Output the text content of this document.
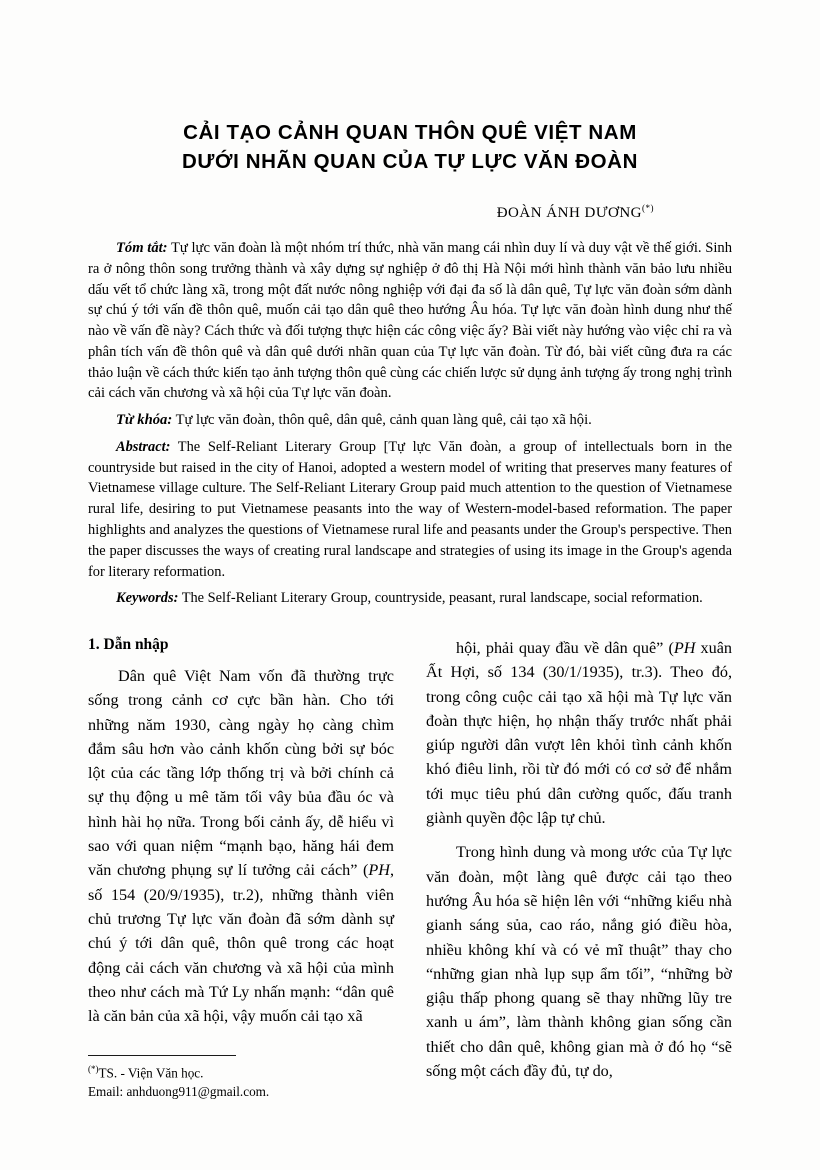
CẢI TẠO CẢNH QUAN THÔN QUÊ VIỆT NAM
DƯỚI NHÃN QUAN CỦA TỰ LỰC VĂN ĐOÀN
ĐOÀN ÁNH DƯƠNG(*)

Tóm tắt: Tự lực văn đoàn là một nhóm trí thức, nhà văn mang cái nhìn duy lí và duy vật về thế giới. Sinh ra ở nông thôn song trưởng thành và xây dựng sự nghiệp ở đô thị Hà Nội mới hình thành văn bảo lưu nhiều dấu vết tổ chức làng xã, trong một đất nước nông nghiệp với đại đa số là dân quê, Tự lực văn đoàn sớm dành sự chú ý tới vấn đề thôn quê, muốn cải tạo dân quê theo hướng Âu hóa. Tự lực văn đoàn hình dung như thế nào về vấn đề này? Cách thức và đối tượng thực hiện các công việc ấy? Bài viết này hướng vào việc chỉ ra và phân tích vấn đề thôn quê và dân quê dưới nhãn quan của Tự lực văn đoàn. Từ đó, bài viết cũng đưa ra các thảo luận về cách thức kiến tạo ảnh tượng thôn quê cùng các chiến lược sử dụng ảnh tượng ấy trong nghị trình cải cách văn chương và xã hội của Tự lực văn đoàn.

Từ khóa: Tự lực văn đoàn, thôn quê, dân quê, cảnh quan làng quê, cải tạo xã hội.

Abstract: The Self-Reliant Literary Group [Tự lực Văn đoàn, a group of intellectuals born in the countryside but raised in the city of Hanoi, adopted a western model of writing that preserves many features of Vietnamese village culture. The Self-Reliant Literary Group paid much attention to the question of Vietnamese rural life, desiring to put Vietnamese peasants into the way of Western-model-based reformation. The paper highlights and analyzes the questions of Vietnamese rural life and peasants under the Group's perspective. Then the paper discusses the ways of creating rural landscape and strategies of using its image in the Group's agenda for literary reformation.

Keywords: The Self-Reliant Literary Group, countryside, peasant, rural landscape, social reformation.

1. Dẫn nhập

Dân quê Việt Nam vốn đã thường trực sống trong cảnh cơ cực bần hàn. Cho tới những năm 1930, càng ngày họ càng chìm đắm sâu hơn vào cảnh khốn cùng bởi sự bóc lột của các tầng lớp thống trị và bởi chính cả sự thụ động u mê tăm tối vây bủa đầu óc và hình hài họ nữa. Trong bối cảnh ấy, dễ hiểu vì sao với quan niệm “mạnh bạo, hăng hái đem văn chương phụng sự lí tưởng cải cách” (PH, số 154 (20/9/1935), tr.2), những thành viên chủ trương Tự lực văn đoàn đã sớm dành sự chú ý tới dân quê, thôn quê trong các hoạt động cải cách văn chương và xã hội của mình theo như cách mà Tứ Ly nhấn mạnh: “dân quê là căn bản của xã hội, vậy muốn cải tạo xã

hội, phải quay đầu về dân quê” (PH xuân Ất Hợi, số 134 (30/1/1935), tr.3). Theo đó, trong công cuộc cải tạo xã hội mà Tự lực văn đoàn thực hiện, họ nhận thấy trước nhất phải giúp người dân vượt lên khỏi tình cảnh khốn khó điêu linh, rồi từ đó mới có cơ sở để nhắm tới mục tiêu phú dân cường quốc, đấu tranh giành quyền độc lập tự chủ.

Trong hình dung và mong ước của Tự lực văn đoàn, một làng quê được cải tạo theo hướng Âu hóa sẽ hiện lên với “những kiểu nhà gianh sáng sủa, cao ráo, nắng gió điều hòa, nhiều không khí và có vẻ mĩ thuật” thay cho “những gian nhà lụp sụp ẩm tối”, “những bờ giậu thấp phong quang sẽ thay những lũy tre xanh u ám”, làm thành không gian sống cần thiết cho dân quê, không gian mà ở đó họ “sẽ sống một cách đầy đủ, tự do,

(*)TS. - Viện Văn học.

Email: anhduong911@gmail.com.
